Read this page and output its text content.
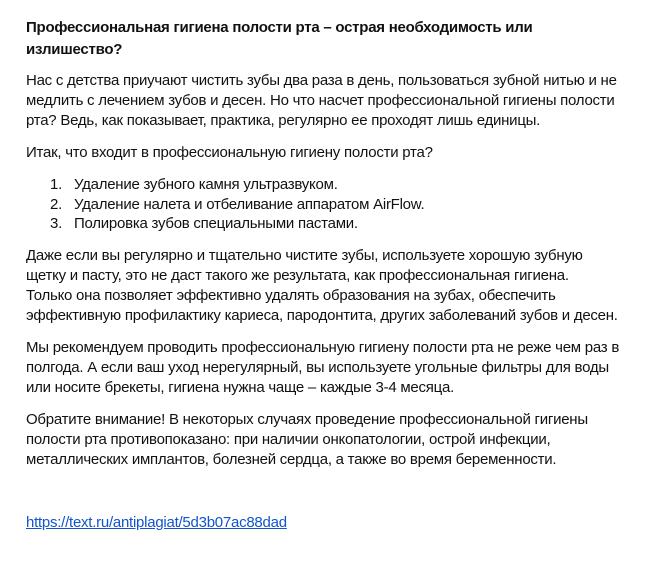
Профессиональная гигиена полости рта – острая необходимость или
излишество?
Нас с детства приучают чистить зубы два раза в день, пользоваться зубной нитью и не
медлить с лечением зубов и десен. Но что насчет профессиональной гигиены полости
рта? Ведь, как показывает, практика, регулярно ее проходят лишь единицы.
Итак, что входит в профессиональную гигиену полости рта?
1. Удаление зубного камня ультразвуком.
2. Удаление налета и отбеливание аппаратом AirFlow.
3. Полировка зубов специальными пастами.
Даже если вы регулярно и тщательно чистите зубы, используете хорошую зубную
щетку и пасту, это не даст такого же результата, как профессиональная гигиена.
Только она позволяет эффективно удалять образования на зубах, обеспечить
эффективную профилактику кариеса, пародонтита, других заболеваний зубов и десен.
Мы рекомендуем проводить профессиональную гигиену полости рта не реже чем раз в
полгода. А если ваш уход нерегулярный, вы используете угольные фильтры для воды
или носите брекеты, гигиена нужна чаще – каждые 3-4 месяца.
Обратите внимание! В некоторых случаях проведение профессиональной гигиены
полости рта противопоказано: при наличии онкопатологии, острой инфекции,
металлических имплантов, болезней сердца, а также во время беременности.
https://text.ru/antiplagiat/5d3b07ac88dad
